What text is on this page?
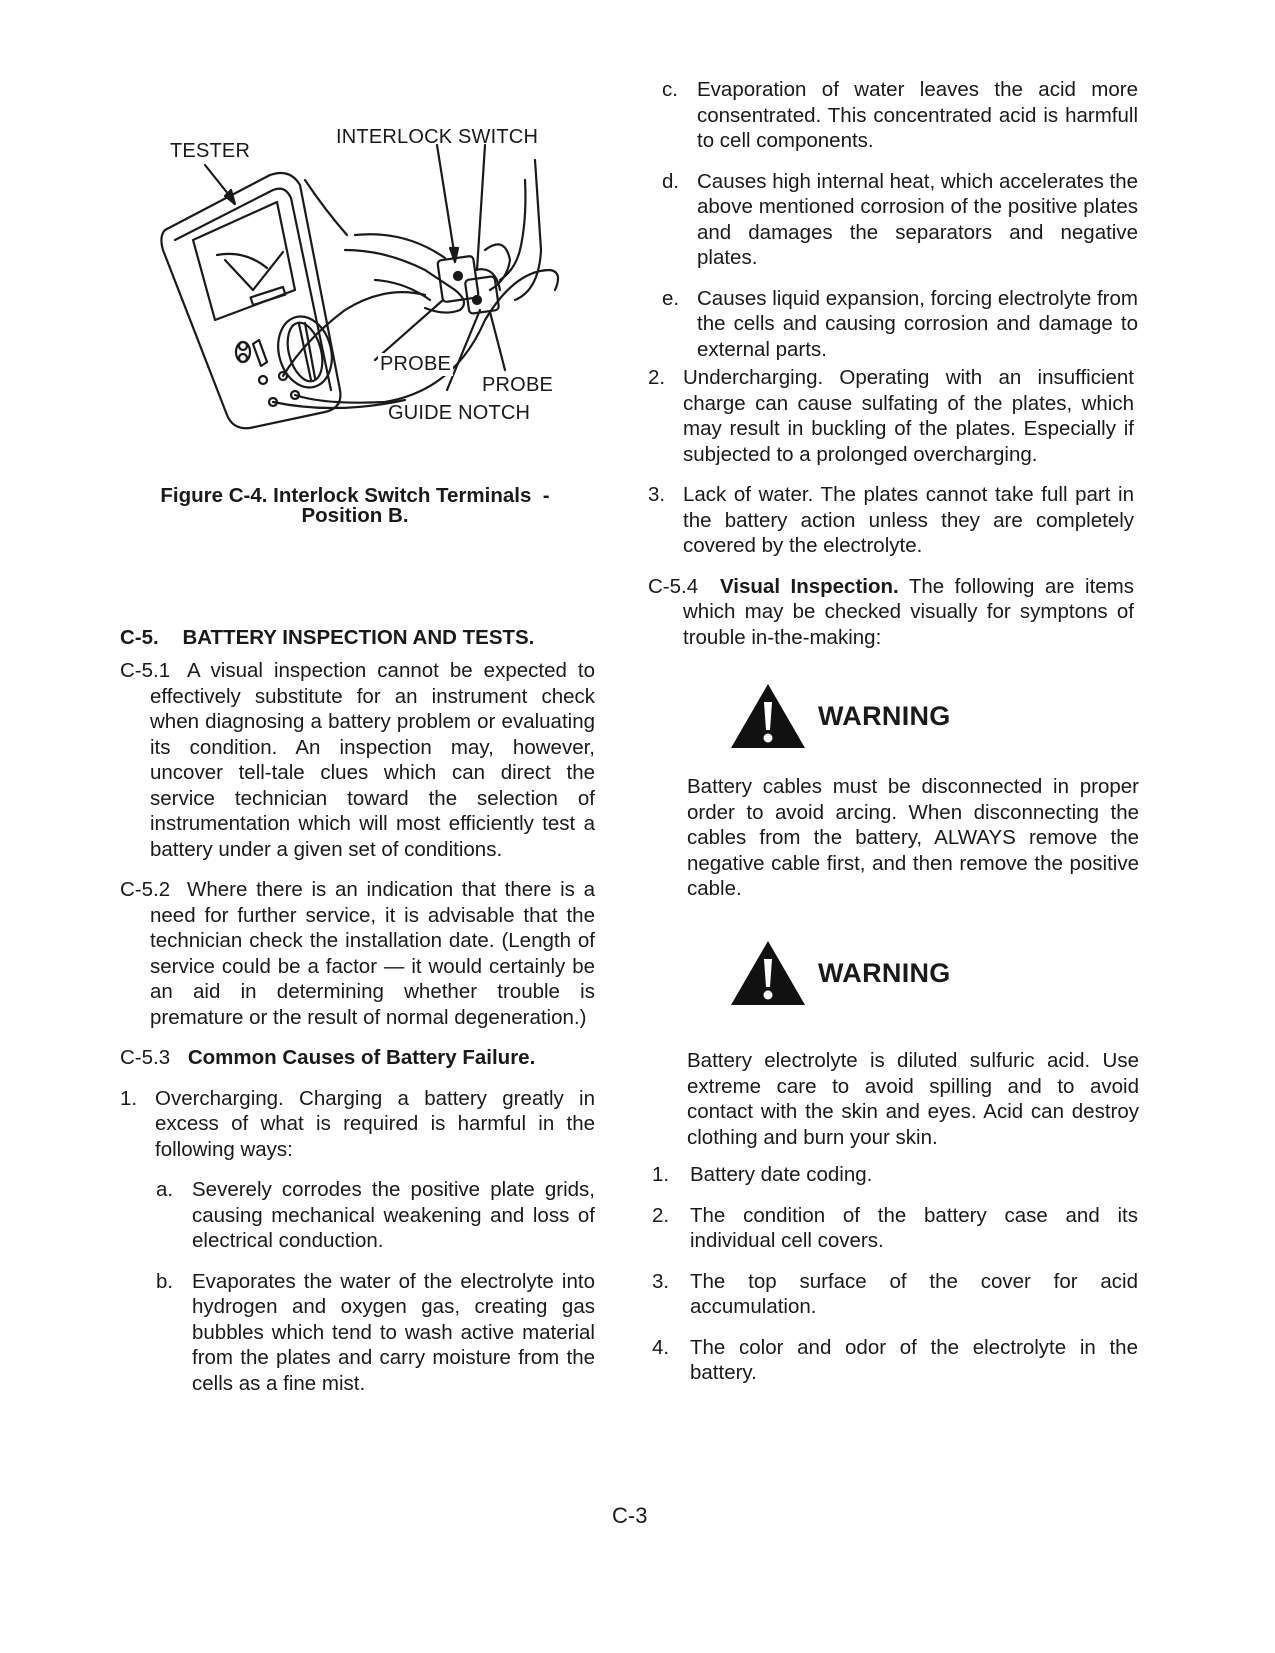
TESTER
INTERLOCK SWITCH
PROBE
PROBE
GUIDE NOTCH
Figure C-4. Interlock Switch Terminals  -
Position B.
C-5. BATTERY INSPECTION AND TESTS.
C-5.1 A visual inspection cannot be expected to effectively substitute for an instrument check when diagnosing a battery problem or evaluating its condition. An inspection may, however, uncover tell-tale clues which can direct the service technician toward the selection of instrumentation which will most efficiently test a battery under a given set of conditions.

C-5.2 Where there is an indication that there is a need for further service, it is advisable that the technician check the installation date. (Length of service could be a factor — it would certainly be an aid in determining whether trouble is premature or the result of normal degeneration.)

C-5.3 Common Causes of Battery Failure.
1. Overcharging. Charging a battery greatly in excess of what is required is harmful in the following ways:

a. Severely corrodes the positive plate grids, causing mechanical weakening and loss of electrical conduction.

b. Evaporates the water of the electrolyte into hydrogen and oxygen gas, creating gas bubbles which tend to wash active material from the plates and carry moisture from the cells as a fine mist.

c. Evaporation of water leaves the acid more consentrated. This concentrated acid is harmfull to cell components.

d. Causes high internal heat, which accelerates the above mentioned corrosion of the positive plates and damages the separators and negative plates.

e. Causes liquid expansion, forcing electrolyte from the cells and causing corrosion and damage to external parts.

2. Undercharging. Operating with an insufficient charge can cause sulfating of the plates, which may result in buckling of the plates. Especially if subjected to a prolonged overcharging.

3. Lack of water. The plates cannot take full part in the battery action unless they are completely covered by the electrolyte.

C-5.4	Visual Inspection. The following are items which may be checked visually for symptons of trouble in-the-making:

WARNING

Battery cables must be disconnected in proper order to avoid arcing. When disconnecting the cables from the battery, ALWAYS remove the negative cable first, and then remove the positive cable.

WARNING

Battery electrolyte is diluted sulfuric acid. Use extreme care to avoid spilling and to avoid contact with the skin and eyes. Acid can destroy clothing and burn your skin.

1. Battery date coding.

2. The condition of the battery case and its individual cell covers.

3. The top surface of the cover for acid accumulation.

4. The color and odor of the electrolyte in the battery.

C-3
